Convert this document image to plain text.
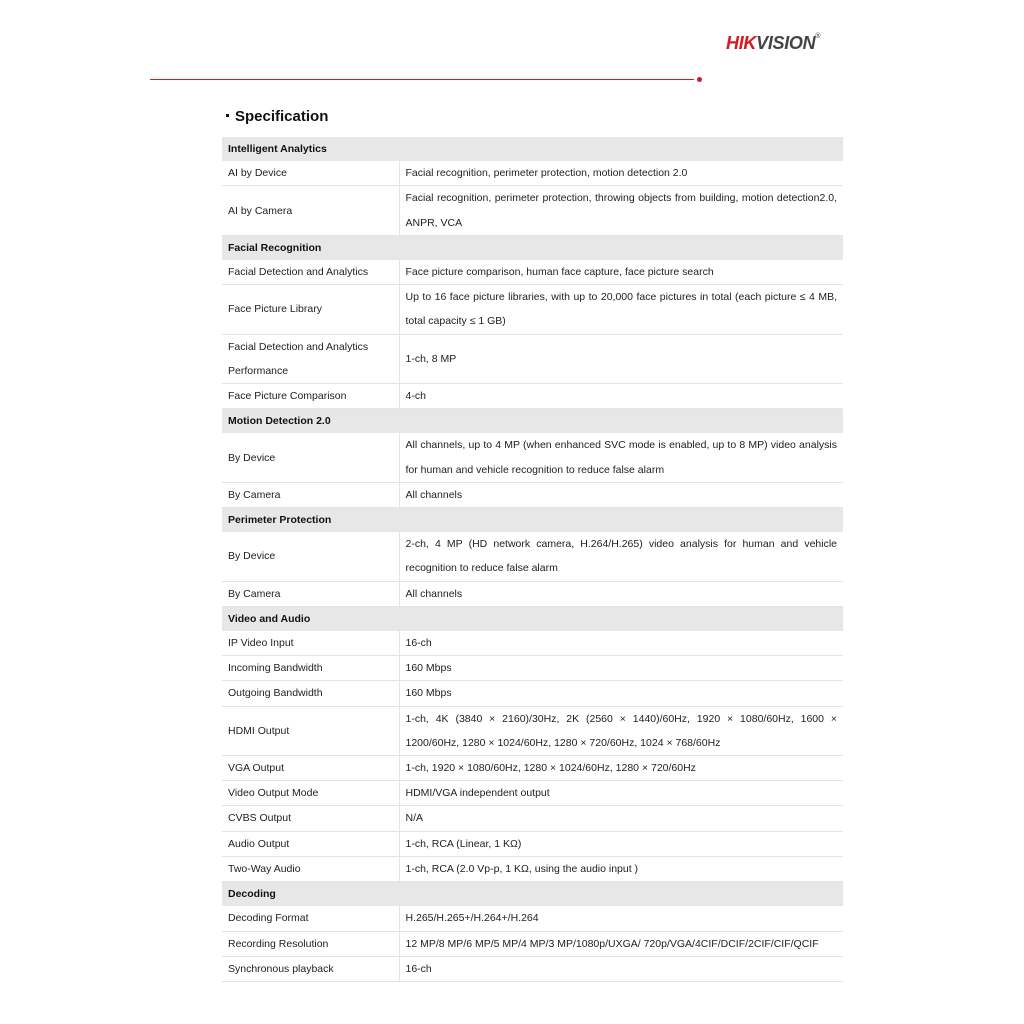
HIKVISION®
Specification
Intelligent Analytics	
AI by Device	Facial recognition, perimeter protection, motion detection 2.0
AI by Camera	Facial recognition, perimeter protection, throwing objects from building, motion detection2.0, ANPR, VCA
Facial Recognition	
Facial Detection and Analytics	Face picture comparison, human face capture, face picture search
Face Picture Library	Up to 16 face picture libraries, with up to 20,000 face pictures in total (each picture ≤ 4 MB, total capacity ≤ 1 GB)
Facial Detection and Analytics Performance	1-ch, 8 MP
Face Picture Comparison	4-ch
Motion Detection 2.0	
By Device	All channels, up to 4 MP (when enhanced SVC mode is enabled, up to 8 MP) video analysis for human and vehicle recognition to reduce false alarm
By Camera	All channels
Perimeter Protection	
By Device	2-ch, 4 MP (HD network camera, H.264/H.265) video analysis for human and vehicle recognition to reduce false alarm
By Camera	All channels
Video and Audio	
IP Video Input	16-ch
Incoming Bandwidth	160 Mbps
Outgoing Bandwidth	160 Mbps
HDMI Output	1-ch, 4K (3840 × 2160)/30Hz, 2K (2560 × 1440)/60Hz, 1920 × 1080/60Hz, 1600 × 1200/60Hz, 1280 × 1024/60Hz, 1280 × 720/60Hz, 1024 × 768/60Hz
VGA Output	1-ch, 1920 × 1080/60Hz, 1280 × 1024/60Hz, 1280 × 720/60Hz
Video Output Mode	HDMI/VGA independent output
CVBS Output	N/A
Audio Output	1-ch, RCA (Linear, 1 KΩ)
Two-Way Audio	1-ch, RCA (2.0 Vp-p, 1 KΩ, using the audio input )
Decoding	
Decoding Format	H.265/H.265+/H.264+/H.264
Recording Resolution	12 MP/8 MP/6 MP/5 MP/4 MP/3 MP/1080p/UXGA/ 720p/VGA/4CIF/DCIF/2CIF/CIF/QCIF
Synchronous playback	16-ch
